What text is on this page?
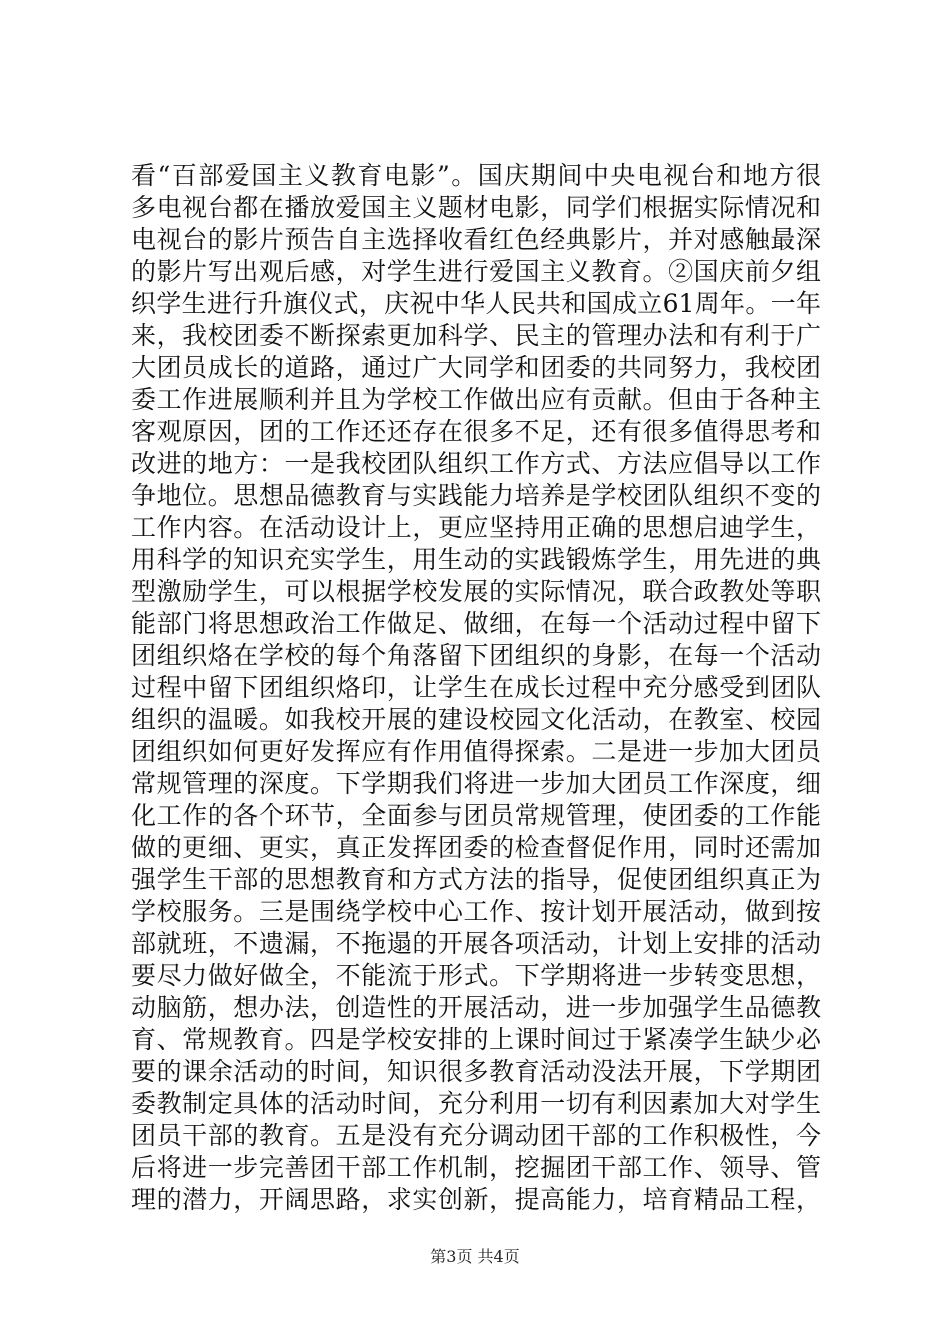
看“百部爱国主义教育电影”。国庆期间中央电视台和地方很
多电视台都在播放爱国主义题材电影，同学们根据实际情况和
电视台的影片预告自主选择收看红色经典影片，并对感触最深
的影片写出观后感，对学生进行爱国主义教育。②国庆前夕组
织学生进行升旗仪式，庆祝中华人民共和国成立61周年。一年
来，我校团委不断探索更加科学、民主的管理办法和有利于广
大团员成长的道路，通过广大同学和团委的共同努力，我校团
委工作进展顺利并且为学校工作做出应有贡献。但由于各种主
客观原因，团的工作还还存在很多不足，还有很多值得思考和
改进的地方：一是我校团队组织工作方式、方法应倡导以工作
争地位。思想品德教育与实践能力培养是学校团队组织不变的
工作内容。在活动设计上，更应坚持用正确的思想启迪学生，
用科学的知识充实学生，用生动的实践锻炼学生，用先进的典
型激励学生，可以根据学校发展的实际情况，联合政教处等职
能部门将思想政治工作做足、做细，在每一个活动过程中留下
团组织烙在学校的每个角落留下团组织的身影，在每一个活动
过程中留下团组织烙印，让学生在成长过程中充分感受到团队
组织的温暖。如我校开展的建设校园文化活动，在教室、校园
团组织如何更好发挥应有作用值得探索。二是进一步加大团员
常规管理的深度。下学期我们将进一步加大团员工作深度，细
化工作的各个环节，全面参与团员常规管理，使团委的工作能
做的更细、更实，真正发挥团委的检查督促作用，同时还需加
强学生干部的思想教育和方式方法的指导，促使团组织真正为
学校服务。三是围绕学校中心工作、按计划开展活动，做到按
部就班，不遗漏，不拖遢的开展各项活动，计划上安排的活动
要尽力做好做全，不能流于形式。下学期将进一步转变思想，
动脑筋，想办法，创造性的开展活动，进一步加强学生品德教
育、常规教育。四是学校安排的上课时间过于紧凑学生缺少必
要的课余活动的时间，知识很多教育活动没法开展，下学期团
委教制定具体的活动时间，充分利用一切有利因素加大对学生
团员干部的教育。五是没有充分调动团干部的工作积极性，今
后将进一步完善团干部工作机制，挖掘团干部工作、领导、管
理的潜力，开阔思路，求实创新，提高能力，培育精品工程，
第3页 共4页
